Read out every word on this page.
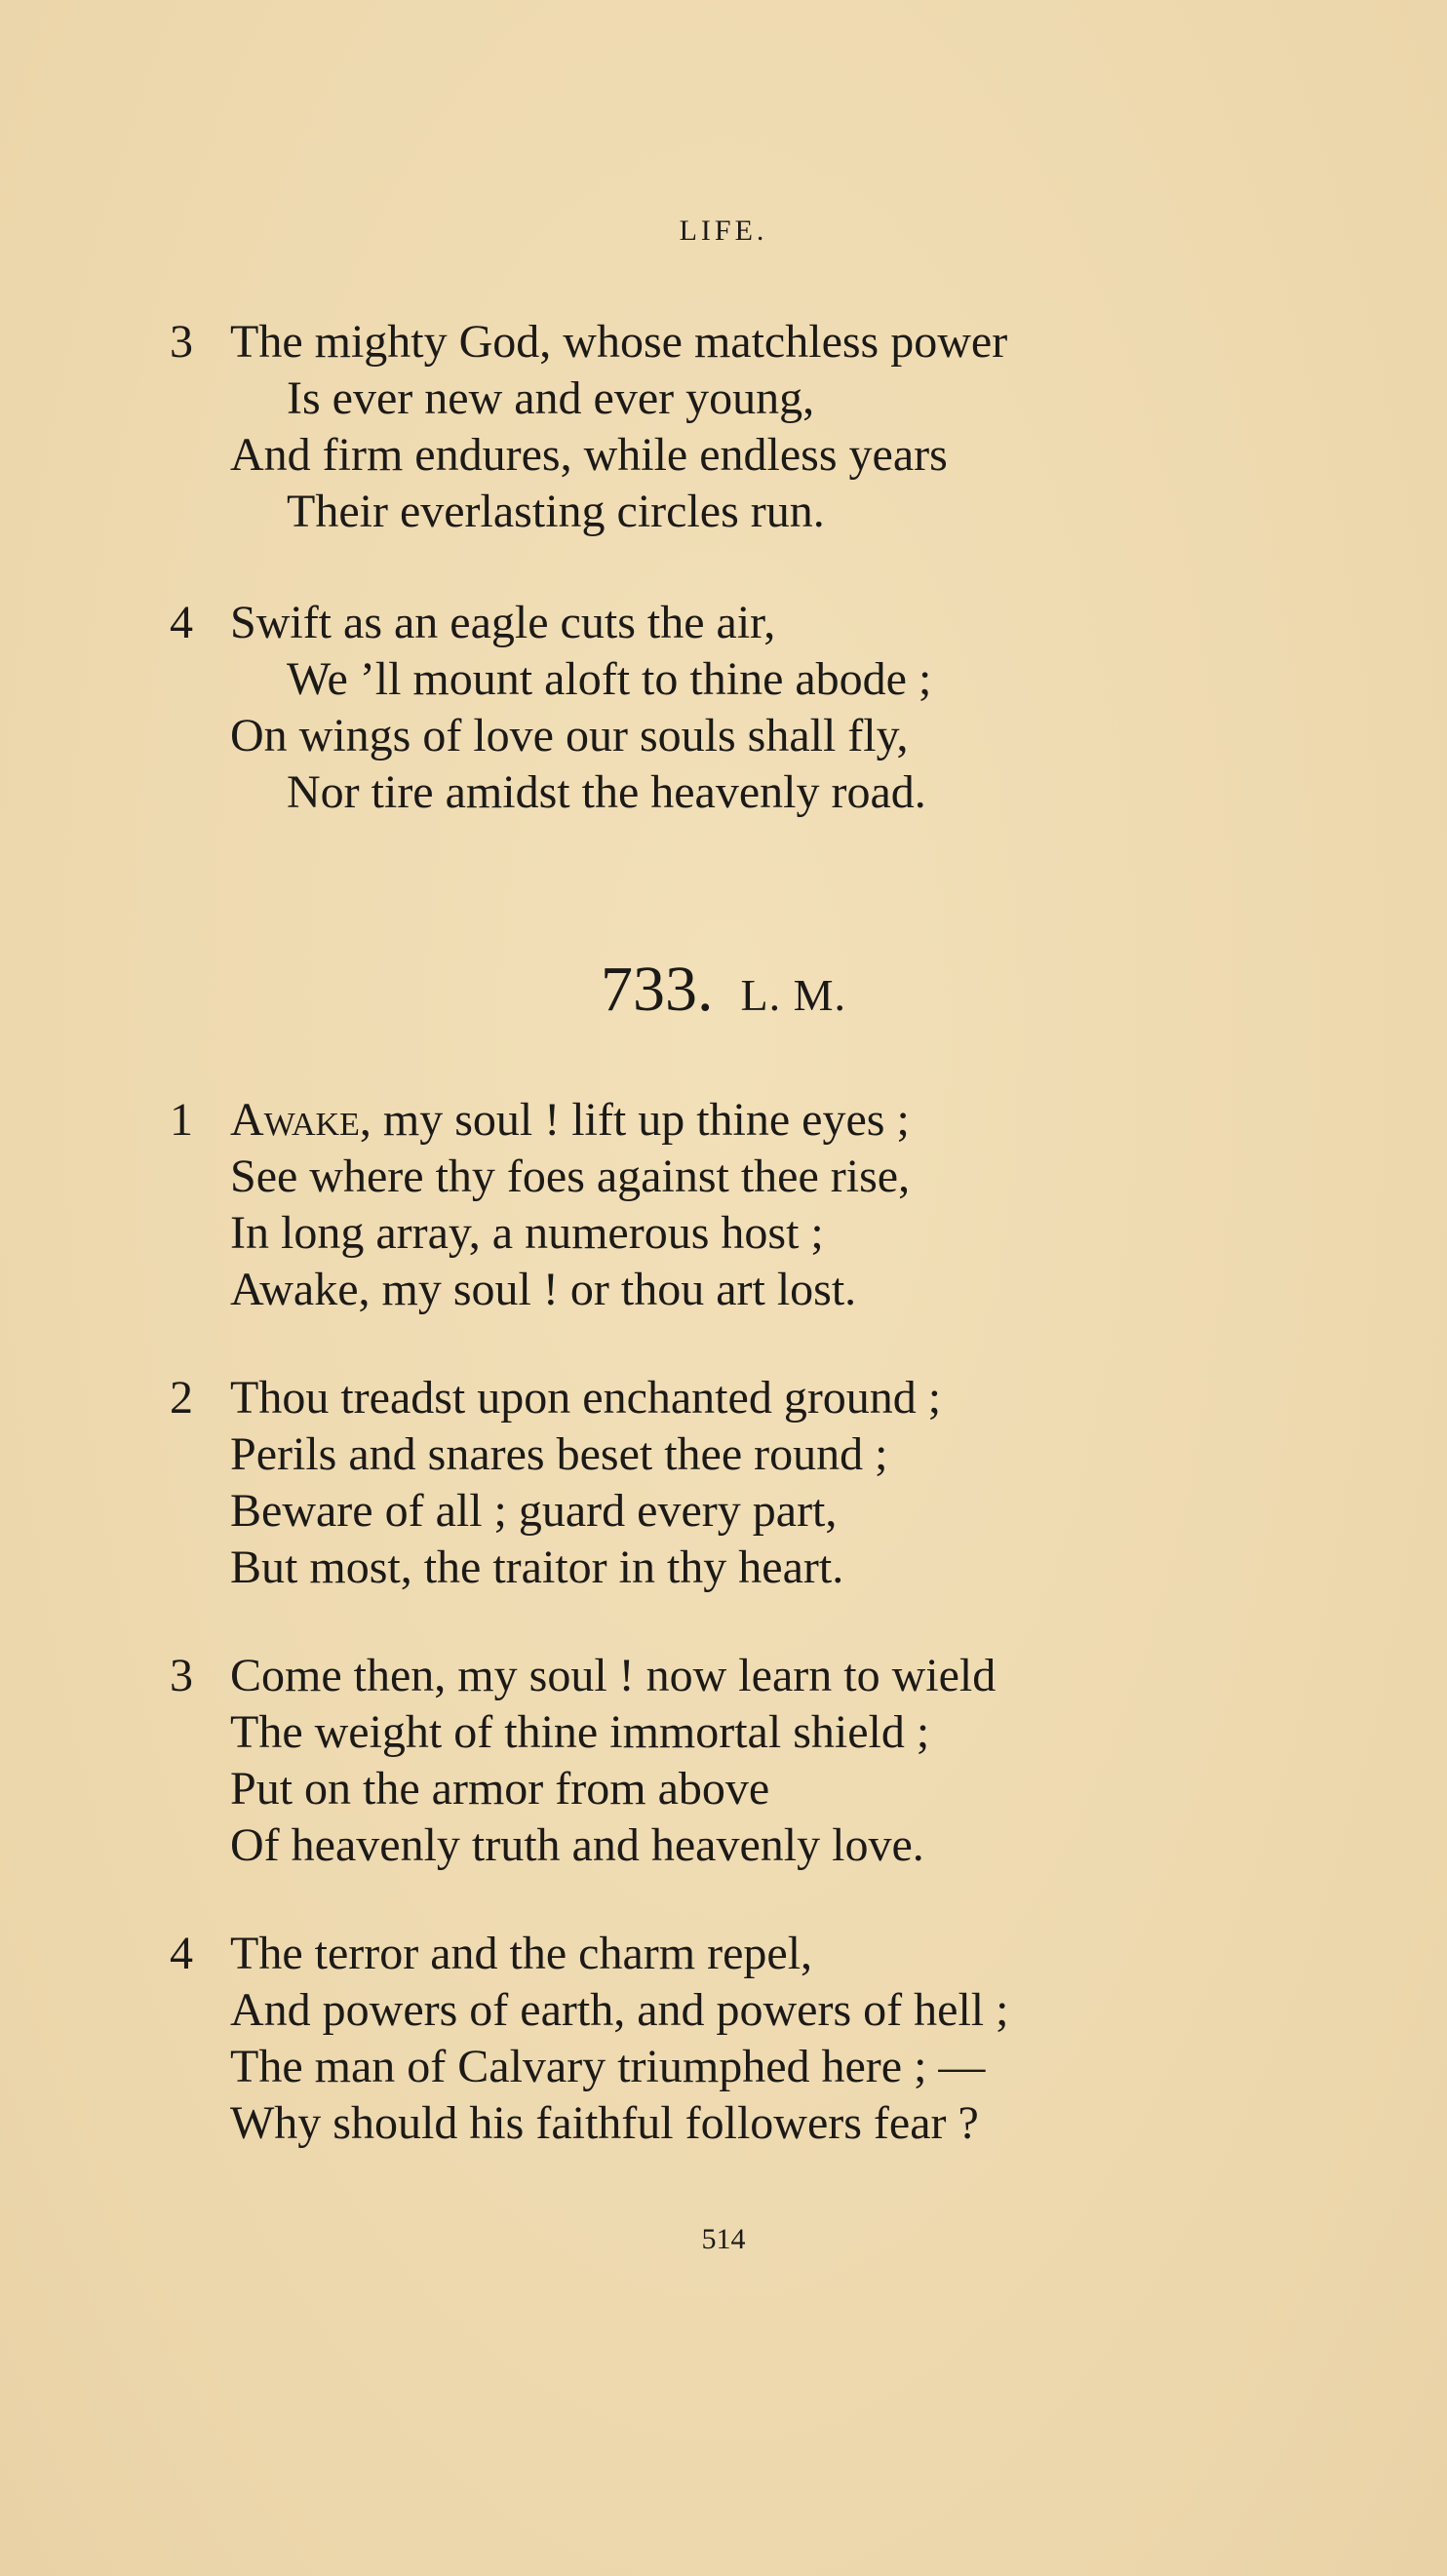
LIFE.
3 The mighty God, whose matchless power
Is ever new and ever young,
And firm endures, while endless years
Their everlasting circles run.
4 Swift as an eagle cuts the air,
We ’ll mount aloft to thine abode ;
On wings of love our souls shall fly,
Nor tire amidst the heavenly road.
733. L. M.
1 Awake, my soul ! lift up thine eyes ;
See where thy foes against thee rise,
In long array, a numerous host ;
Awake, my soul ! or thou art lost.
2 Thou treadst upon enchanted ground ;
Perils and snares beset thee round ;
Beware of all ; guard every part,
But most, the traitor in thy heart.
3 Come then, my soul ! now learn to wield
The weight of thine immortal shield ;
Put on the armor from above
Of heavenly truth and heavenly love.
4 The terror and the charm repel,
And powers of earth, and powers of hell ;
The man of Calvary triumphed here ; —
Why should his faithful followers fear ?
514
